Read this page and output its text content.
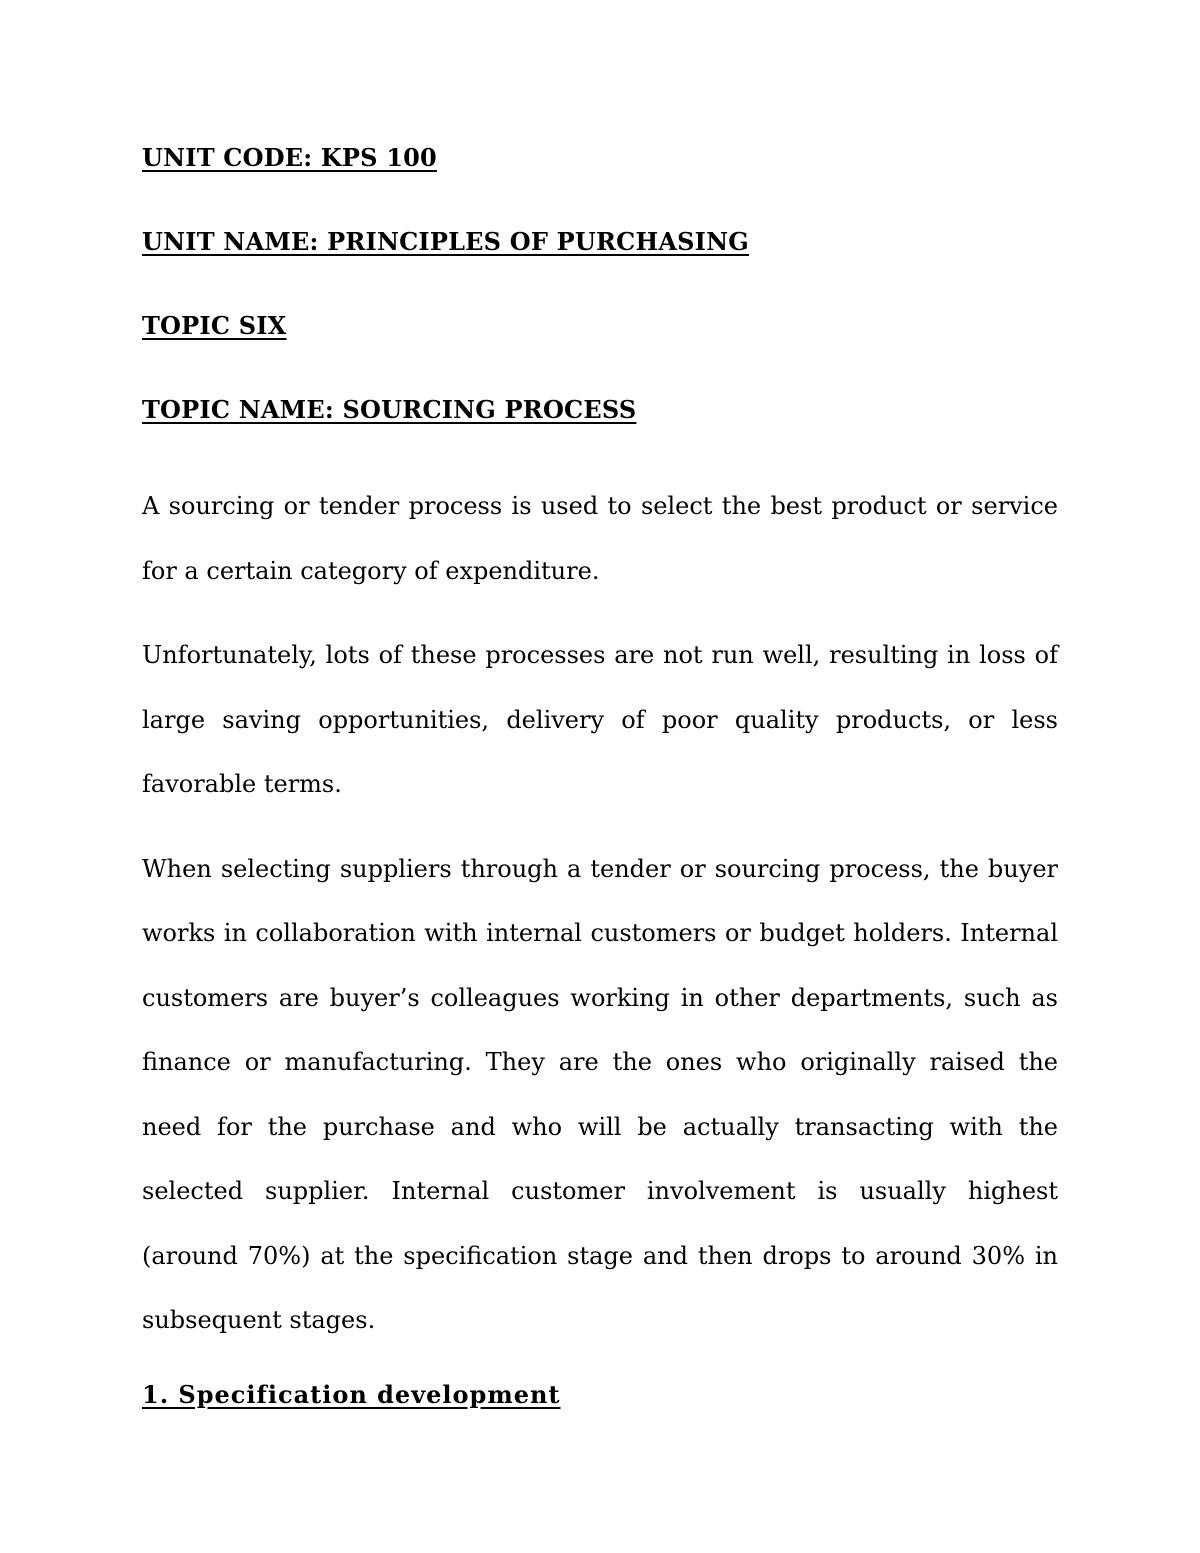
UNIT CODE: KPS 100
UNIT NAME: PRINCIPLES OF PURCHASING
TOPIC SIX
TOPIC NAME: SOURCING PROCESS

A sourcing or tender process is used to select the best product or service for a certain category of expenditure.

Unfortunately, lots of these processes are not run well, resulting in loss of large saving opportunities, delivery of poor quality products, or less favorable terms.

When selecting suppliers through a tender or sourcing process, the buyer works in collaboration with internal customers or budget holders. Internal customers are buyer’s colleagues working in other departments, such as finance or manufacturing. They are the ones who originally raised the need for the purchase and who will be actually transacting with the selected supplier. Internal customer involvement is usually highest (around 70%) at the specification stage and then drops to around 30% in subsequent stages.

1. Specification development
